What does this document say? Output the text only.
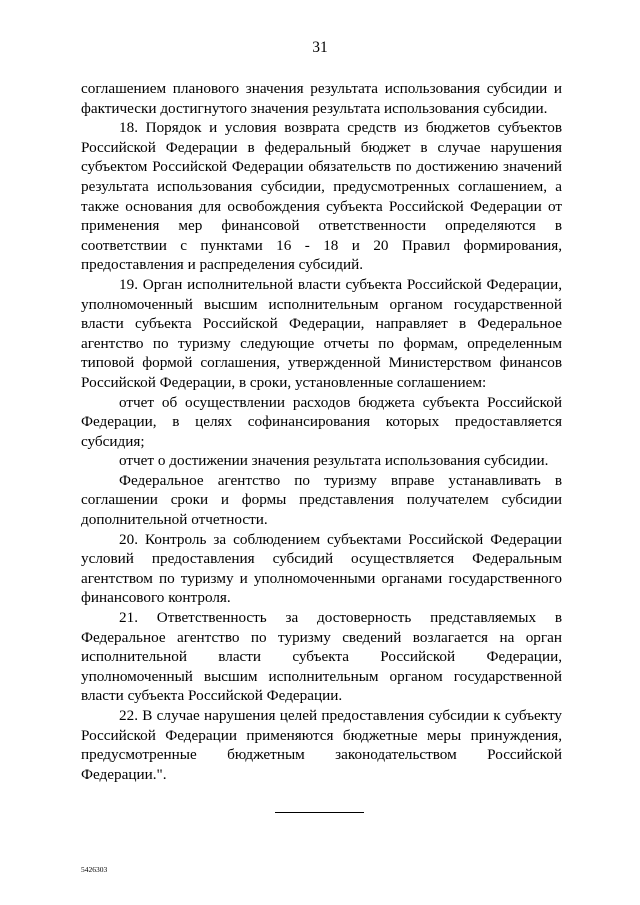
31

соглашением планового значения результата использования субсидии и фактически достигнутого значения результата использования субсидии.

18. Порядок и условия возврата средств из бюджетов субъектов Российской Федерации в федеральный бюджет в случае нарушения субъектом Российской Федерации обязательств по достижению значений результата использования субсидии, предусмотренных соглашением, а также основания для освобождения субъекта Российской Федерации от применения мер финансовой ответственности определяются в соответствии с пунктами 16 - 18 и 20 Правил формирования, предоставления и распределения субсидий.

19. Орган исполнительной власти субъекта Российской Федерации, уполномоченный высшим исполнительным органом государственной власти субъекта Российской Федерации, направляет в Федеральное агентство по туризму следующие отчеты по формам, определенным типовой формой соглашения, утвержденной Министерством финансов Российской Федерации, в сроки, установленные соглашением:

отчет об осуществлении расходов бюджета субъекта Российской Федерации, в целях софинансирования которых предоставляется субсидия;

отчет о достижении значения результата использования субсидии.

Федеральное агентство по туризму вправе устанавливать в соглашении сроки и формы представления получателем субсидии дополнительной отчетности.

20. Контроль за соблюдением субъектами Российской Федерации условий предоставления субсидий осуществляется Федеральным агентством по туризму и уполномоченными органами государственного финансового контроля.

21. Ответственность за достоверность представляемых в Федеральное агентство по туризму сведений возлагается на орган исполнительной власти субъекта Российской Федерации, уполномоченный высшим исполнительным органом государственной власти субъекта Российской Федерации.

22. В случае нарушения целей предоставления субсидии к субъекту Российской Федерации применяются бюджетные меры принуждения, предусмотренные бюджетным законодательством Российской Федерации.".

5426303
